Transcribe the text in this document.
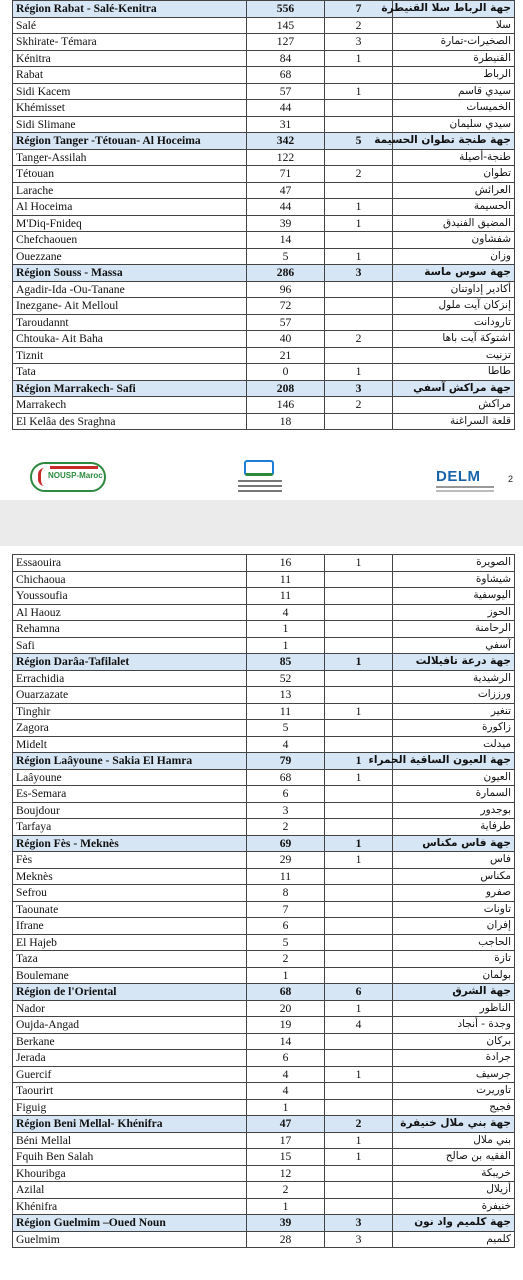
Région Rabat - Salé-Kenitra	556	7	جهة الرباط سلا القنيطرة
Salé	145	2	سلا
Skhirate- Témara	127	3	الصخيرات-تمارة
Kénitra	84	1	القنيطرة
Rabat	68		الرباط
Sidi Kacem	57	1	سيدي قاسم
Khémisset	44		الخميسات
Sidi Slimane	31		سيدي سليمان
Région Tanger -Tétouan- Al Hoceima	342	5	جهة طنجة تطوان الحسيمة
Tanger-Assilah	122		طنجة-أصيلة
Tétouan	71	2	تطوان
Larache	47		العرائش
Al Hoceima	44	1	الحسيمة
M'Diq-Fnideq	39	1	المضيق الفنيدق
Chefchaouen	14		شفشاون
Ouezzane	5	1	وزان
Région Souss - Massa	286	3	جهة سوس ماسة
Agadir-Ida -Ou-Tanane	96		أكادير إداوتنان
Inezgane- Ait Melloul	72		إنزكان آيت ملول
Taroudannt	57		تارودانت
Chtouka- Ait Baha	40	2	اشتوكة آيت باها
Tiznit	21		تزنيت
Tata	0	1	طاطا
Région Marrakech- Safi	208	3	جهة مراكش آسفي
Marrakech	146	2	مراكش
El Kelâa des Sraghna	18		قلعة السراغنة
NOUSP-Maroc	DELM	2
Essaouira	16	1	الصويرة
Chichaoua	11		شيشاوة
Youssoufia	11		اليوسفية
Al Haouz	4		الحوز
Rehamna	1		الرحامنة
Safi	1		آسفي
Région Darâa-Tafilalet	85	1	جهة درعة تافيلالت
Errachidia	52		الرشيدية
Ouarzazate	13		ورززات
Tinghir	11	1	تنغير
Zagora	5		زاكورة
Midelt	4		ميدلت
Région Laâyoune - Sakia El Hamra	79	1	جهة العيون الساقية الحمراء
Laâyoune	68	1	العيون
Es-Semara	6		السمارة
Boujdour	3		بوجدور
Tarfaya	2		طرفاية
Région Fès - Meknès	69	1	جهة فاس مكناس
Fès	29	1	فاس
Meknès	11		مكناس
Sefrou	8		صفرو
Taounate	7		تاونات
Ifrane	6		إفران
El Hajeb	5		الحاجب
Taza	2		تازة
Boulemane	1		بولمان
Région de l'Oriental	68	6	جهة الشرق
Nador	20	1	الناظور
Oujda-Angad	19	4	وجدة - أنجاد
Berkane	14		بركان
Jerada	6		جرادة
Guercif	4	1	جرسيف
Taourirt	4		تاوريرت
Figuig	1		فجيج
Région Beni Mellal- Khénifra	47	2	جهة بني ملال خنيفرة
Béni Mellal	17	1	بني ملال
Fquih Ben Salah	15	1	الفقيه بن صالح
Khouribga	12		خريبكة
Azilal	2		أزيلال
Khénifra	1		خنيفرة
Région Guelmim –Oued Noun	39	3	جهة كلميم واد نون
Guelmim	28	3	كلميم
